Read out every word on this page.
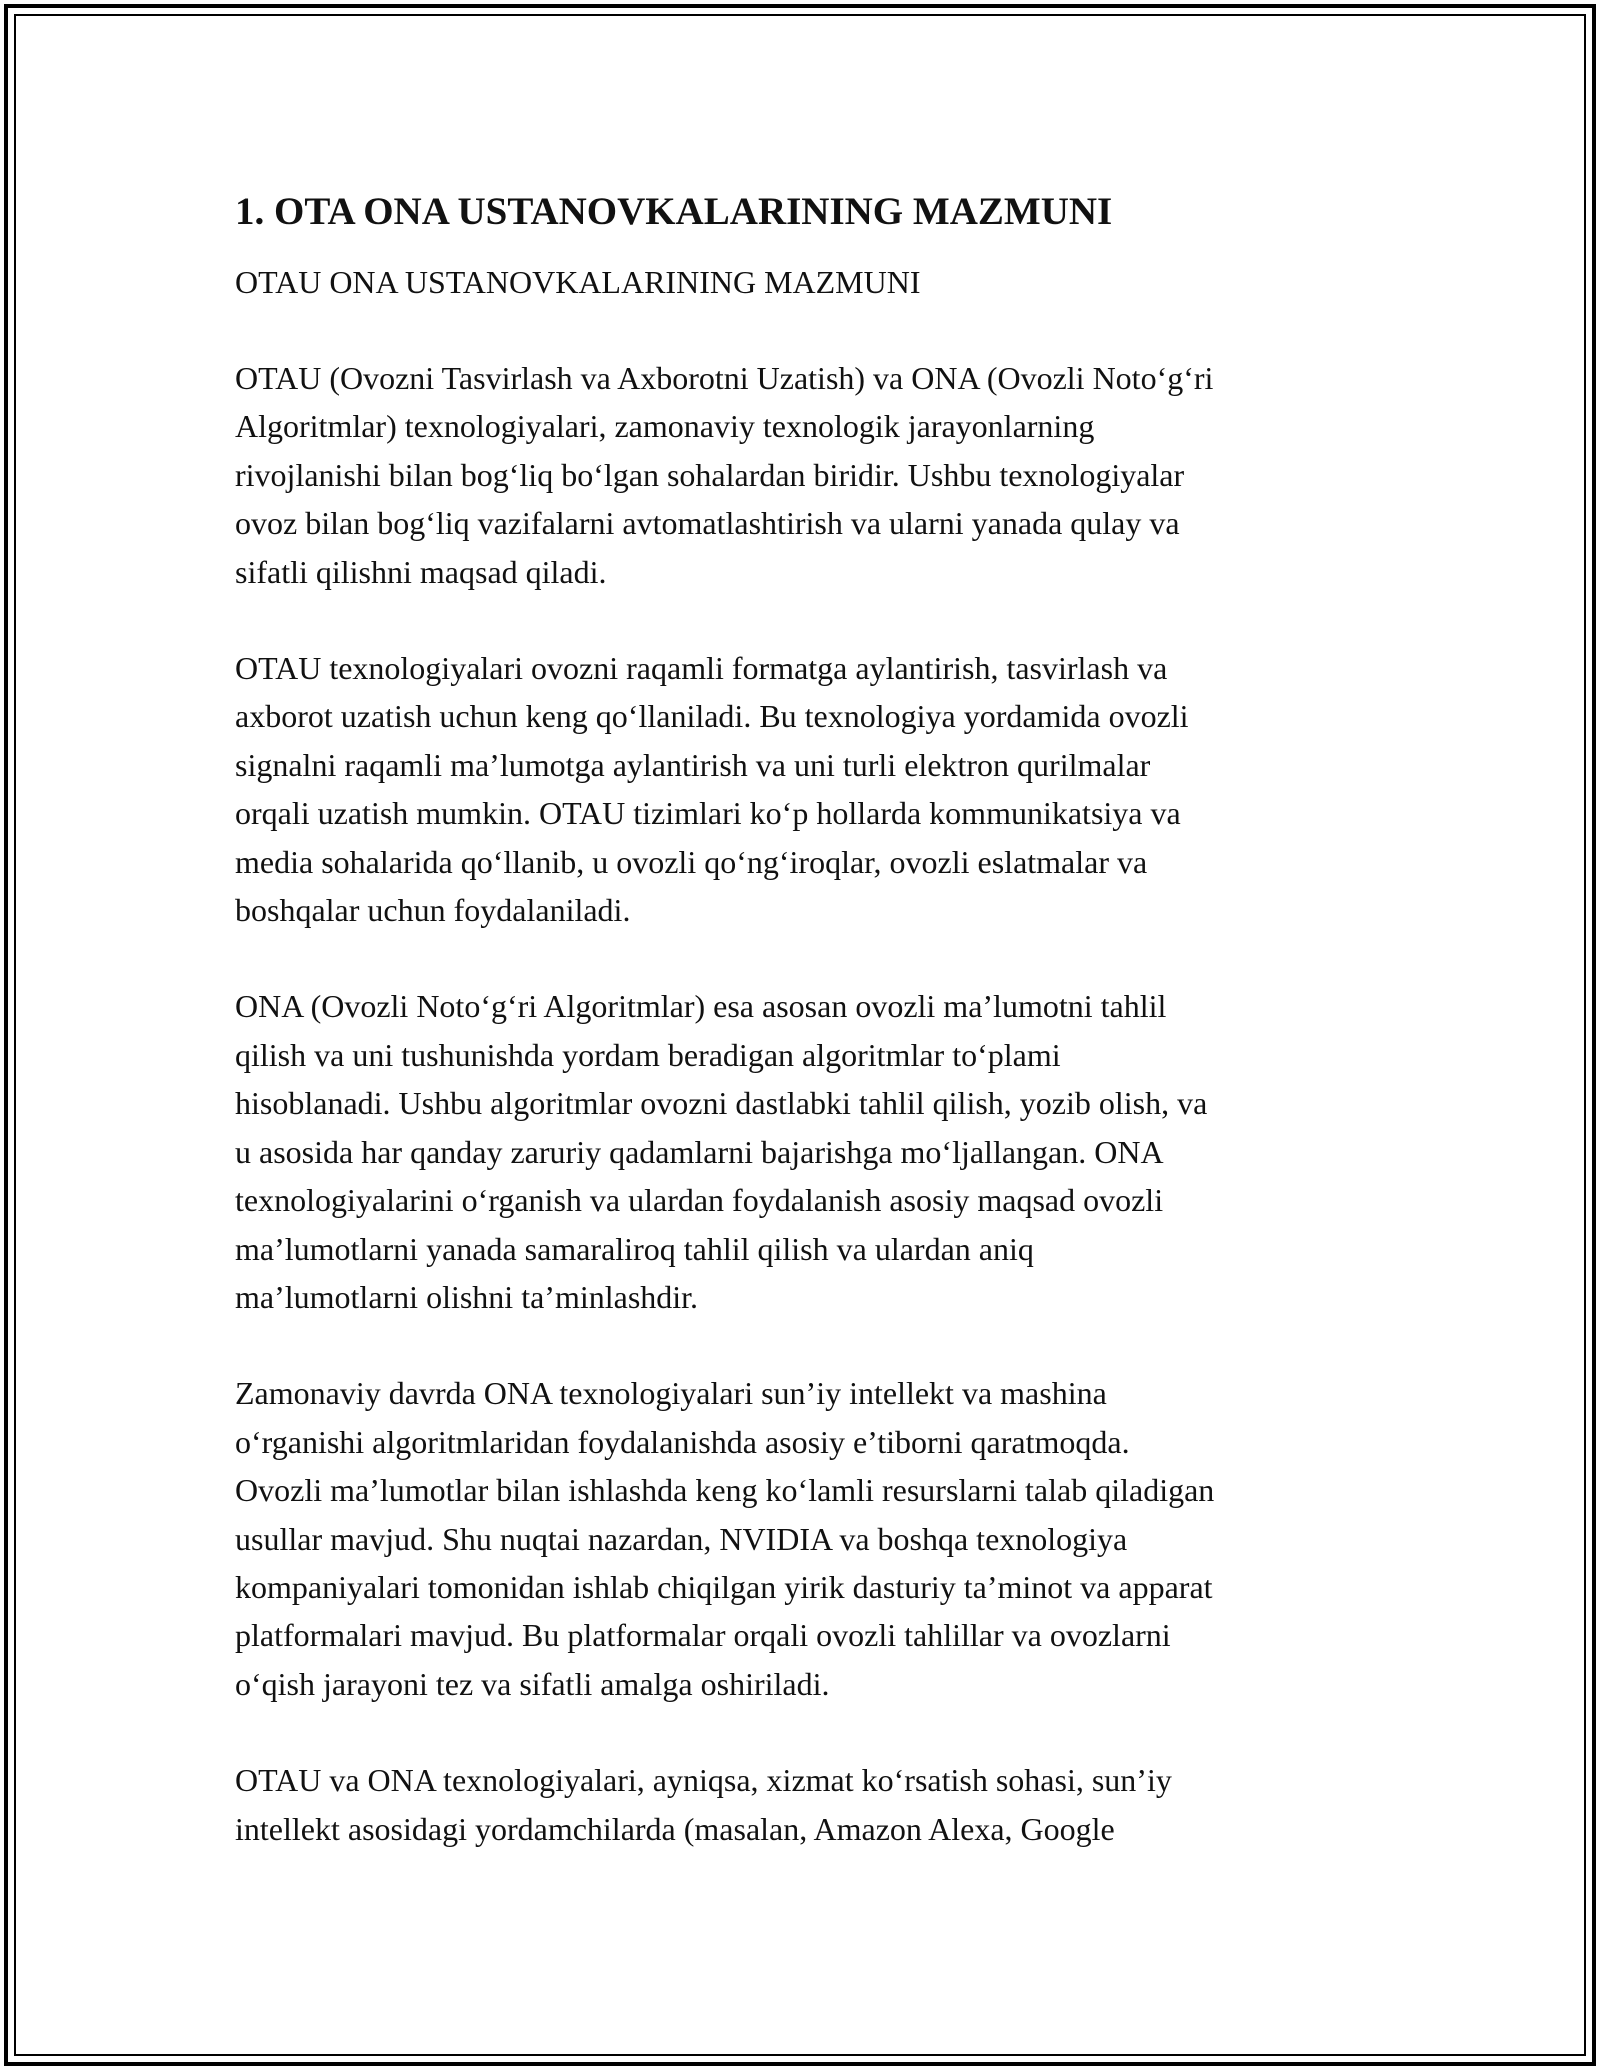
1. OTA ONA USTANOVKALARINING MAZMUNI
OTAU ONA USTANOVKALARINING MAZMUNI

OTAU (Ovozni Tasvirlash va Axborotni Uzatish) va ONA (Ovozli Noto‘g‘ri
Algoritmlar) texnologiyalari, zamonaviy texnologik jarayonlarning
rivojlanishi bilan bog‘liq bo‘lgan sohalardan biridir. Ushbu texnologiyalar
ovoz bilan bog‘liq vazifalarni avtomatlashtirish va ularni yanada qulay va
sifatli qilishni maqsad qiladi.

OTAU texnologiyalari ovozni raqamli formatga aylantirish, tasvirlash va
axborot uzatish uchun keng qo‘llaniladi. Bu texnologiya yordamida ovozli
signalni raqamli ma’lumotga aylantirish va uni turli elektron qurilmalar
orqali uzatish mumkin. OTAU tizimlari ko‘p hollarda kommunikatsiya va
media sohalarida qo‘llanib, u ovozli qo‘ng‘iroqlar, ovozli eslatmalar va
boshqalar uchun foydalaniladi.

ONA (Ovozli Noto‘g‘ri Algoritmlar) esa asosan ovozli ma’lumotni tahlil
qilish va uni tushunishda yordam beradigan algoritmlar to‘plami
hisoblanadi. Ushbu algoritmlar ovozni dastlabki tahlil qilish, yozib olish, va
u asosida har qanday zaruriy qadamlarni bajarishga mo‘ljallangan. ONA
texnologiyalarini o‘rganish va ulardan foydalanish asosiy maqsad ovozli
ma’lumotlarni yanada samaraliroq tahlil qilish va ulardan aniq
ma’lumotlarni olishni ta’minlashdir.

Zamonaviy davrda ONA texnologiyalari sun’iy intellekt va mashina
o‘rganishi algoritmlaridan foydalanishda asosiy e’tiborni qaratmoqda.
Ovozli ma’lumotlar bilan ishlashda keng ko‘lamli resurslarni talab qiladigan
usullar mavjud. Shu nuqtai nazardan, NVIDIA va boshqa texnologiya
kompaniyalari tomonidan ishlab chiqilgan yirik dasturiy ta’minot va apparat
platformalari mavjud. Bu platformalar orqali ovozli tahlillar va ovozlarni
o‘qish jarayoni tez va sifatli amalga oshiriladi.

OTAU va ONA texnologiyalari, ayniqsa, xizmat ko‘rsatish sohasi, sun’iy
intellekt asosidagi yordamchilarda (masalan, Amazon Alexa, Google
